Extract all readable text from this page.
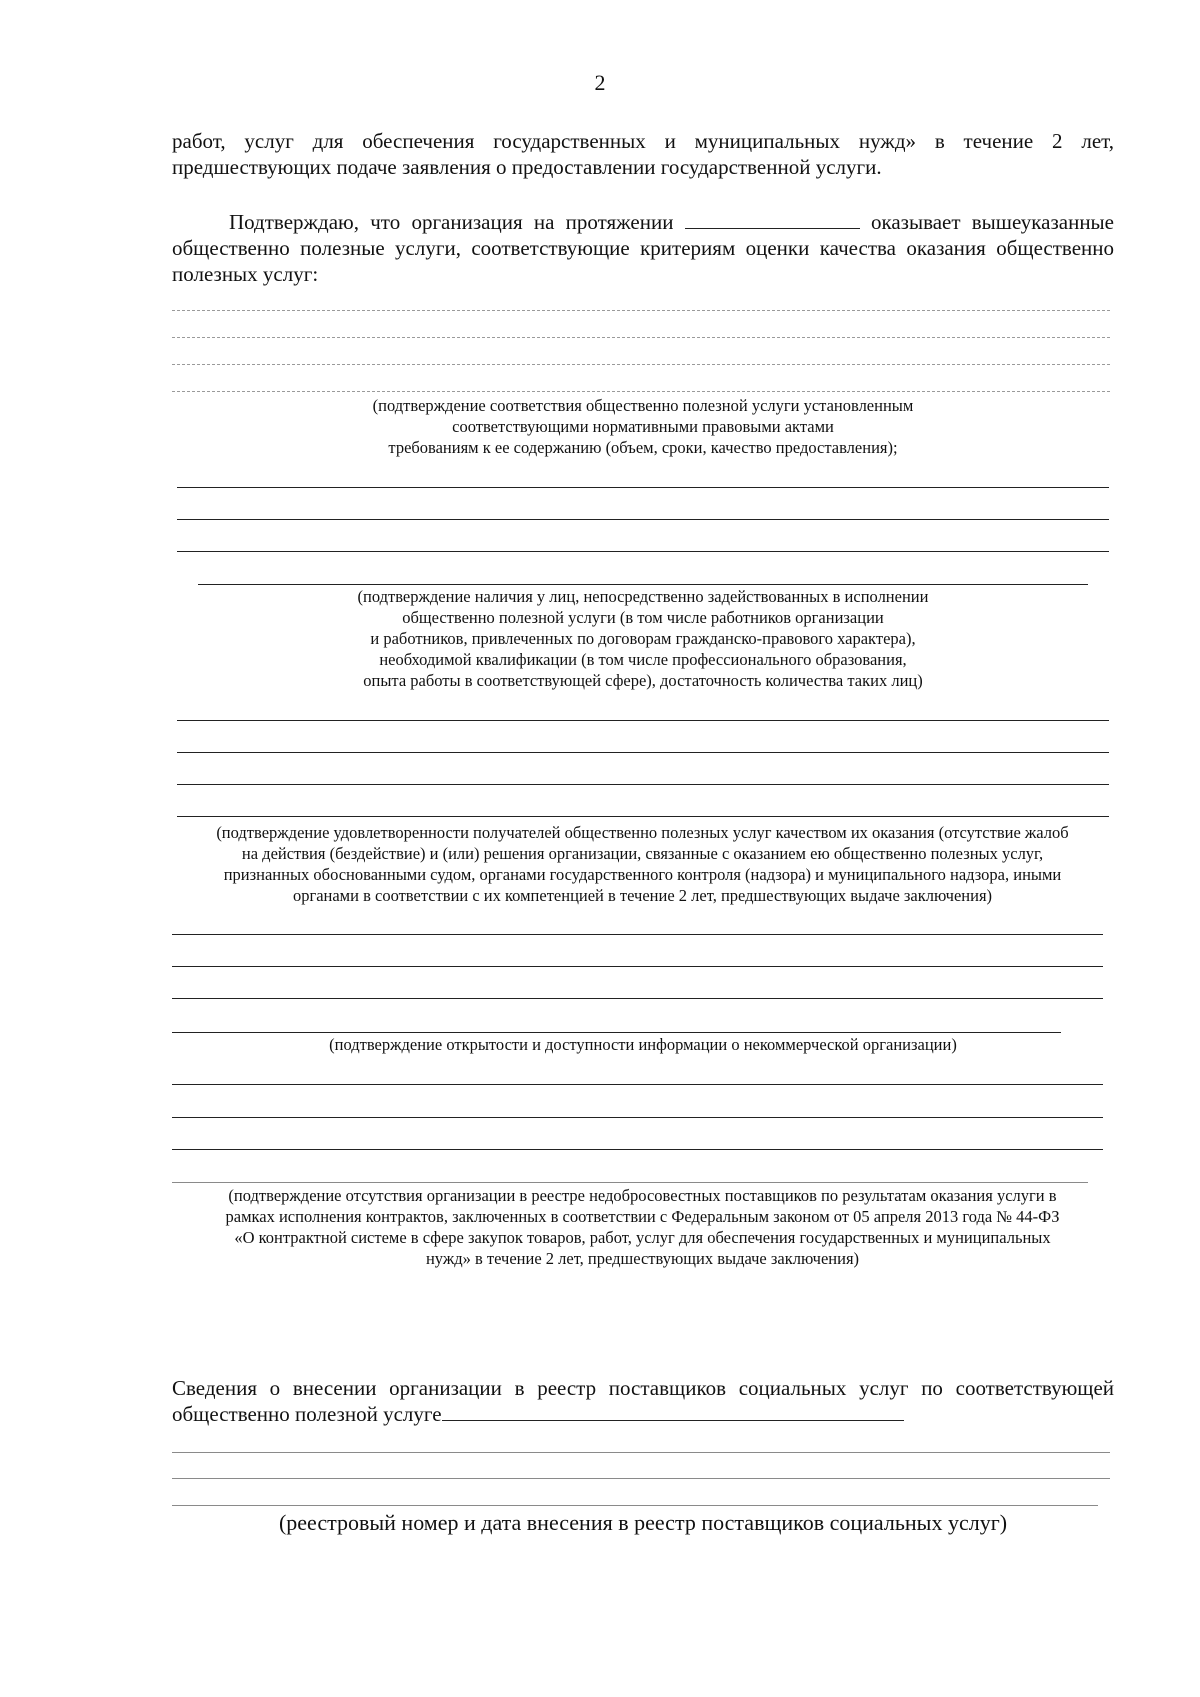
2
работ, услуг для обеспечения государственных и муниципальных нужд» в течение 2 лет, предшествующих подаче заявления о предоставлении государственной услуги.
Подтверждаю, что организация на протяжении	оказывает вышеуказанные общественно полезные услуги, соответствующие критериям оценки качества оказания общественно полезных услуг:
(подтверждение соответствия общественно полезной услуги установленным
соответствующими нормативными правовыми актами
требованиям к ее содержанию (объем, сроки, качество предоставления);
(подтверждение наличия у лиц, непосредственно задействованных в исполнении
общественно полезной услуги (в том числе работников организации
и работников, привлеченных по договорам гражданско-правового характера),
необходимой квалификации (в том числе профессионального образования,
опыта работы в соответствующей сфере), достаточность количества таких лиц)
(подтверждение удовлетворенности получателей общественно полезных услуг качеством их оказания (отсутствие жалоб
на действия (бездействие) и (или) решения организации, связанные с оказанием ею общественно полезных услуг,
признанных обоснованными судом, органами государственного контроля (надзора) и муниципального надзора, иными
органами в соответствии с их компетенцией в течение 2 лет, предшествующих выдаче заключения)
(подтверждение открытости и доступности информации о некоммерческой организации)
(подтверждение отсутствия организации в реестре недобросовестных поставщиков по результатам оказания услуги в
рамках исполнения контрактов, заключенных в соответствии с Федеральным законом от 05 апреля 2013 года № 44-ФЗ
«О контрактной системе в сфере закупок товаров, работ, услуг для обеспечения государственных и муниципальных
нужд» в течение 2 лет, предшествующих выдаче заключения)
Сведения о внесении организации в реестр поставщиков социальных услуг по соответствующей общественно полезной услуге
(реестровый номер и дата внесения в реестр поставщиков социальных услуг)
